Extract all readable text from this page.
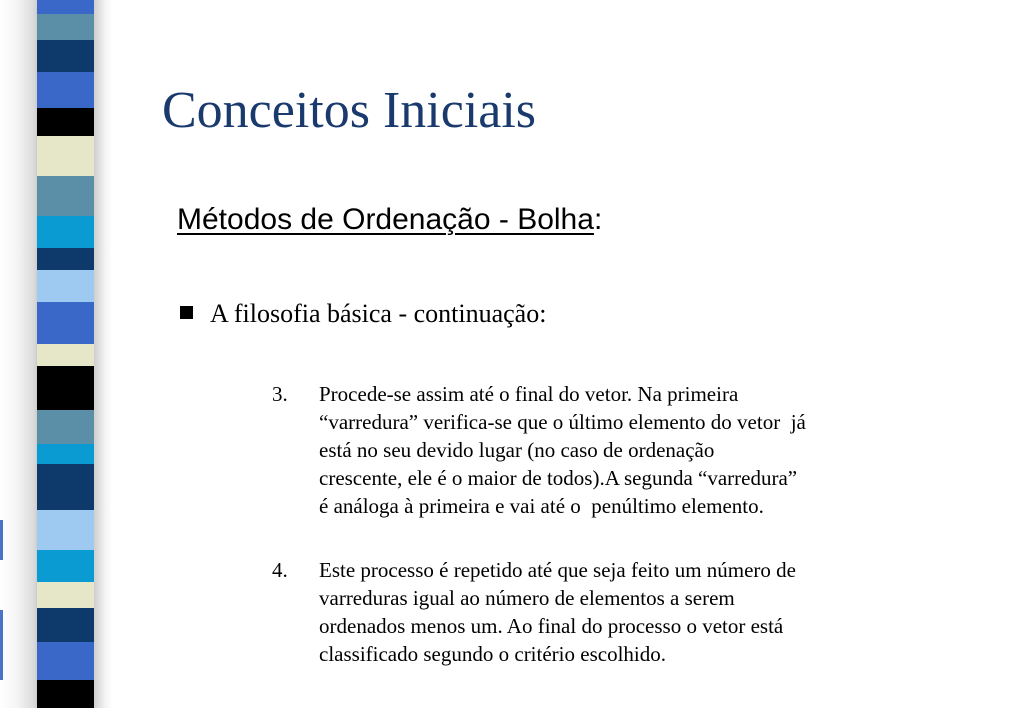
Conceitos Iniciais
Métodos de Ordenação - Bolha:
A filosofia básica - continuação:
3. Procede-se assim até o final do vetor. Na primeira
“varredura” verifica-se que o último elemento do vetor  já
está no seu devido lugar (no caso de ordenação
crescente, ele é o maior de todos).A segunda “varredura”
é análoga à primeira e vai até o  penúltimo elemento.
4. Este processo é repetido até que seja feito um número de
varreduras igual ao número de elementos a serem
ordenados menos um. Ao final do processo o vetor está
classificado segundo o critério escolhido.
